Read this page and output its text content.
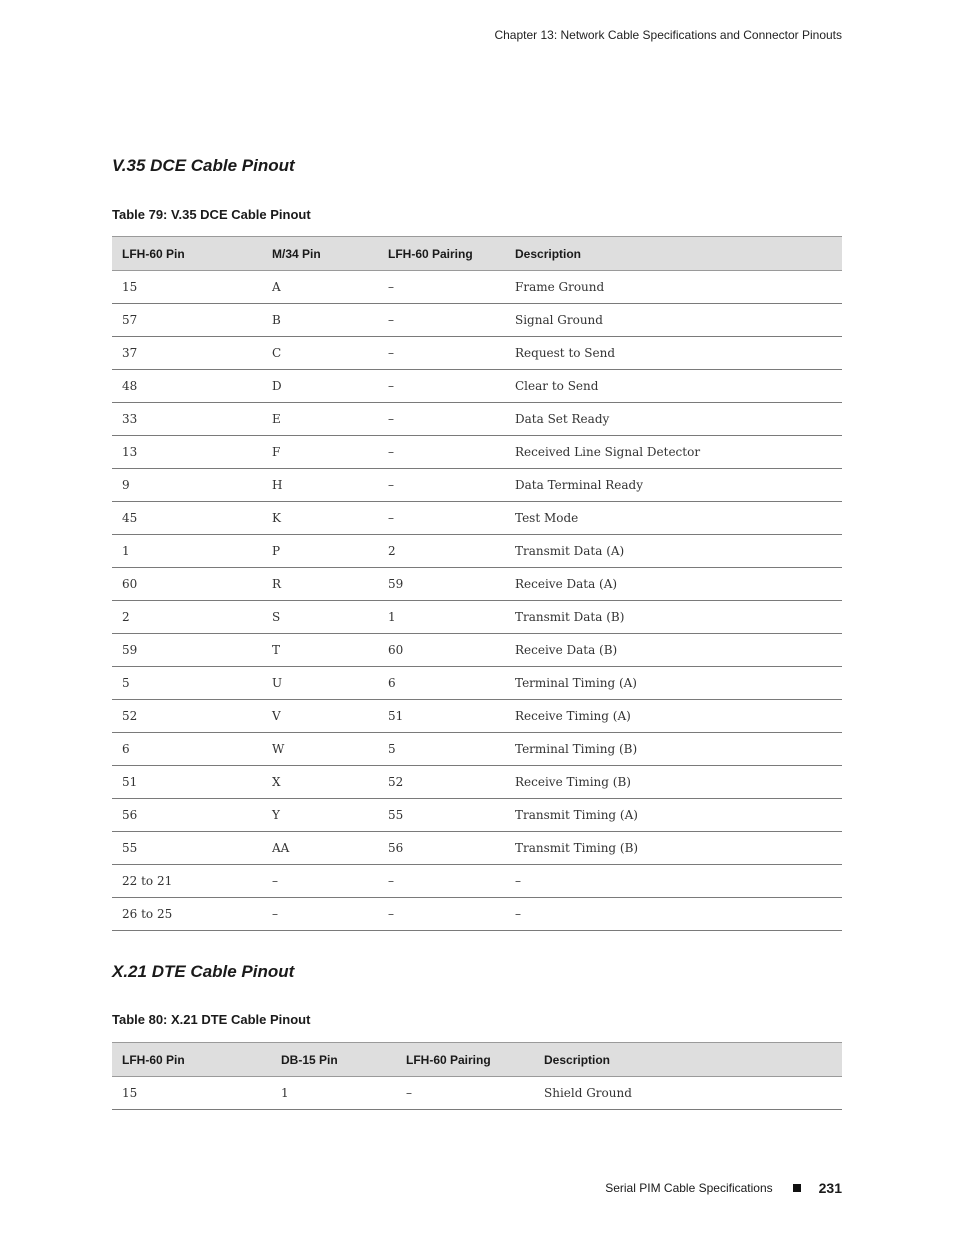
Chapter 13: Network Cable Specifications and Connector Pinouts
V.35 DCE Cable Pinout

Table 79: V.35 DCE Cable Pinout

LFH-60 Pin	M/34 Pin	LFH-60 Pairing	Description
15	A	–	Frame Ground
57	B	–	Signal Ground
37	C	–	Request to Send
48	D	–	Clear to Send
33	E	–	Data Set Ready
13	F	–	Received Line Signal Detector
9	H	–	Data Terminal Ready
45	K	–	Test Mode
1	P	2	Transmit Data (A)
60	R	59	Receive Data (A)
2	S	1	Transmit Data (B)
59	T	60	Receive Data (B)
5	U	6	Terminal Timing (A)
52	V	51	Receive Timing (A)
6	W	5	Terminal Timing (B)
51	X	52	Receive Timing (B)
56	Y	55	Transmit Timing (A)
55	AA	56	Transmit Timing (B)
22 to 21	–	–	–
26 to 25	–	–	–
X.21 DTE Cable Pinout

Table 80: X.21 DTE Cable Pinout

LFH-60 Pin	DB-15 Pin	LFH-60 Pairing	Description
15	1	–	Shield Ground
Serial PIM Cable Specifications	231
